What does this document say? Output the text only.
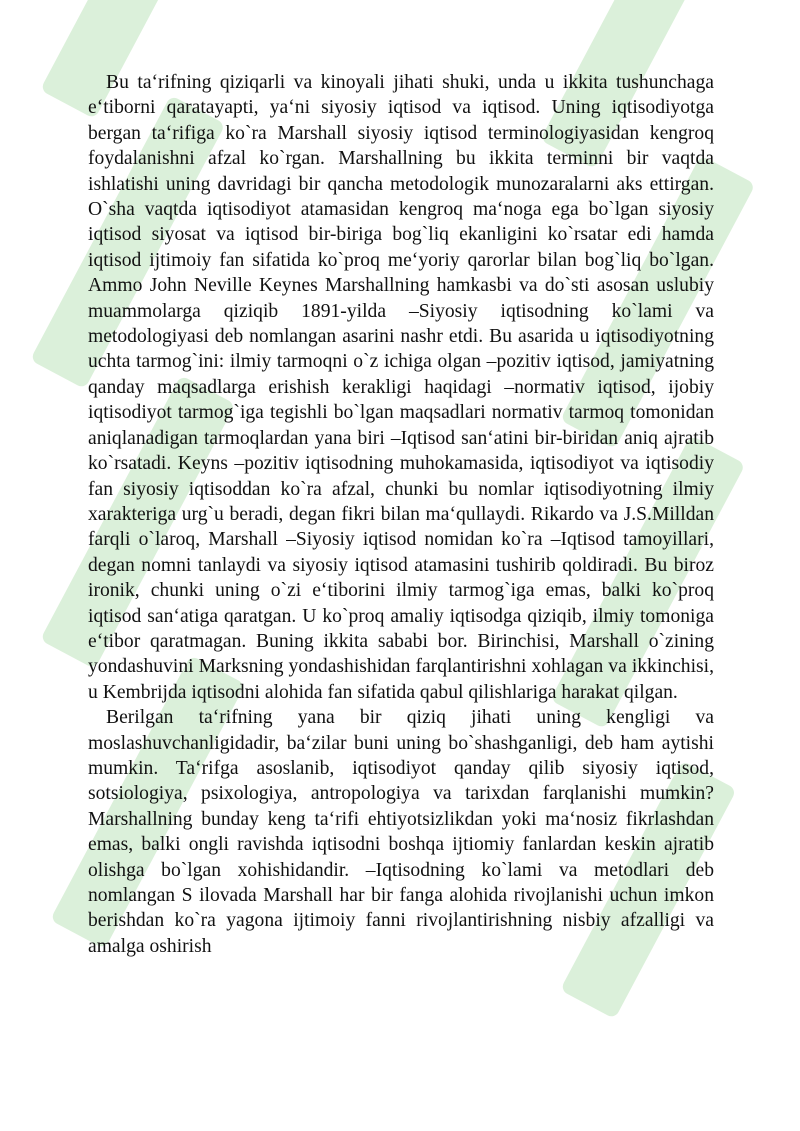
Bu ta‘rifning qiziqarli va kinoyali jihati shuki, unda u ikkita tushunchaga e‘tiborni qaratayapti, ya‘ni siyosiy iqtisod va iqtisod. Uning iqtisodiyotga bergan ta‘rifiga ko`ra Marshall siyosiy iqtisod terminologiyasidan kengroq foydalanishni afzal ko`rgan. Marshallning bu ikkita terminni bir vaqtda ishlatishi uning davridagi bir qancha metodologik munozaralarni aks ettirgan. O`sha vaqtda iqtisodiyot atamasidan kengroq ma‘noga ega bo`lgan siyosiy iqtisod siyosat va iqtisod bir-biriga bog`liq ekanligini ko`rsatar edi hamda iqtisod ijtimoiy fan sifatida ko`proq me‘yoriy qarorlar bilan bog`liq bo`lgan. Ammo John Neville Keynes Marshallning hamkasbi va do`sti asosan uslubiy muammolarga qiziqib 1891-yilda –Siyosiy iqtisodning ko`lami va metodologiyasi deb nomlangan asarini nashr etdi. Bu asarida u iqtisodiyotning uchta tarmog`ini: ilmiy tarmoqni o`z ichiga olgan –pozitiv iqtisod, jamiyatning qanday maqsadlarga erishish kerakligi haqidagi –normativ iqtisod, ijobiy iqtisodiyot tarmog`iga tegishli bo`lgan maqsadlari normativ tarmoq tomonidan aniqlanadigan tarmoqlardan yana biri –Iqtisod san‘atini bir-biridan aniq ajratib ko`rsatadi. Keyns –pozitiv iqtisodning muhokamasida, iqtisodiyot va iqtisodiy fan siyosiy iqtisoddan ko`ra afzal, chunki bu nomlar iqtisodiyotning ilmiy xarakteriga urg`u beradi, degan fikri bilan ma‘qullaydi. Rikardo va J.S.Milldan farqli o`laroq, Marshall –Siyosiy iqtisod nomidan ko`ra –Iqtisod tamoyillari, degan nomni tanlaydi va siyosiy iqtisod atamasini tushirib qoldiradi. Bu biroz ironik, chunki uning o`zi e‘tiborini ilmiy tarmog`iga emas, balki ko`proq iqtisod san‘atiga qaratgan. U ko`proq amaliy iqtisodga qiziqib, ilmiy tomoniga e‘tibor qaratmagan. Buning ikkita sababi bor. Birinchisi, Marshall o`zining yondashuvini Marksning yondashishidan farqlantirishni xohlagan va ikkinchisi, u Kembrijda iqtisodni alohida fan sifatida qabul qilishlariga harakat qilgan.

Berilgan ta‘rifning yana bir qiziq jihati uning kengligi va moslashuvchanligidadir, ba‘zilar buni uning bo`shashganligi, deb ham aytishi mumkin. Ta‘rifga asoslanib, iqtisodiyot qanday qilib siyosiy iqtisod, sotsiologiya, psixologiya, antropologiya va tarixdan farqlanishi mumkin? Marshallning bunday keng ta‘rifi ehtiyotsizlikdan yoki ma‘nosiz fikrlashdan emas, balki ongli ravishda iqtisodni boshqa ijtiomiy fanlardan keskin ajratib olishga bo`lgan xohishidandir. –Iqtisodning ko`lami va metodlari deb nomlangan S ilovada Marshall har bir fanga alohida rivojlanishi uchun imkon berishdan ko`ra yagona ijtimoiy fanni rivojlantirishning nisbiy afzalligi va amalga oshirish
